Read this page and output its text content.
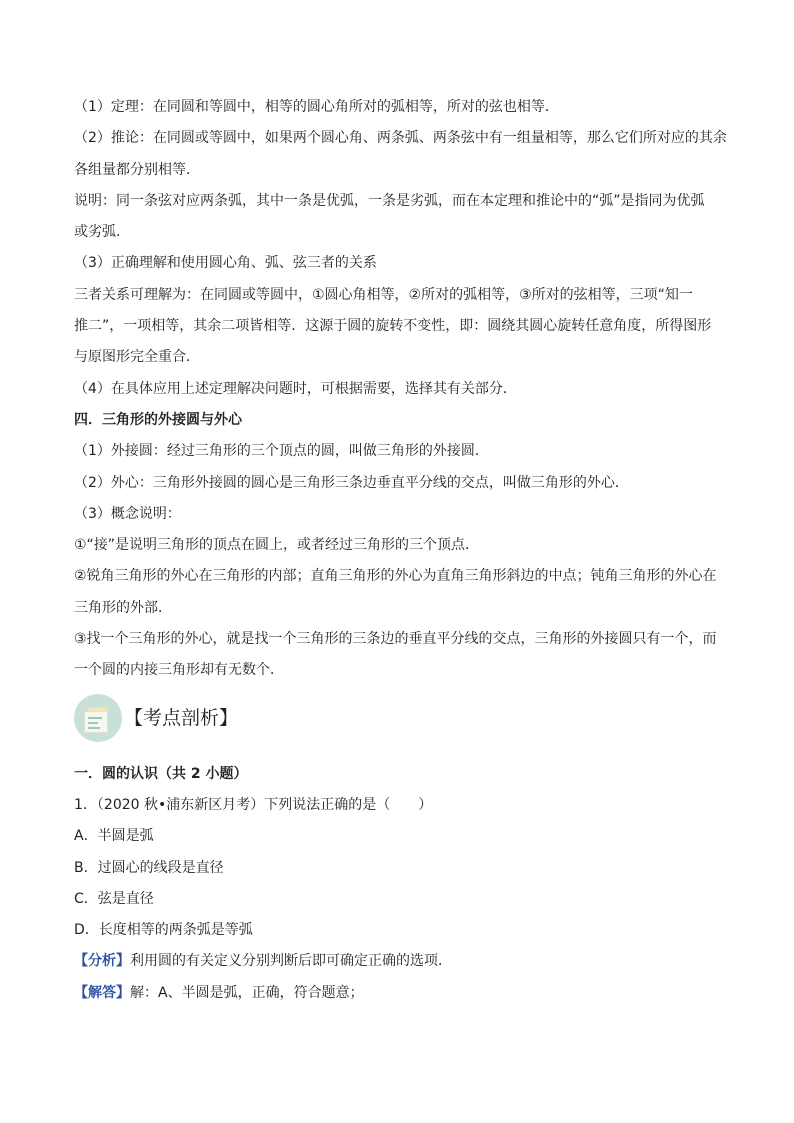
（1）定理：在同圆和等圆中，相等的圆心角所对的弧相等，所对的弦也相等．

（2）推论：在同圆或等圆中，如果两个圆心角、两条弧、两条弦中有一组量相等，那么它们所对应的其余

各组量都分别相等．

说明：同一条弦对应两条弧，其中一条是优弧，一条是劣弧，而在本定理和推论中的“弧”是指同为优弧

或劣弧．

（3）正确理解和使用圆心角、弧、弦三者的关系

三者关系可理解为：在同圆或等圆中，①圆心角相等，②所对的弧相等，③所对的弦相等，三项“知一

推二”，一项相等，其余二项皆相等．这源于圆的旋转不变性，即：圆绕其圆心旋转任意角度，所得图形

与原图形完全重合．

（4）在具体应用上述定理解决问题时，可根据需要，选择其有关部分．

四．三角形的外接圆与外心

（1）外接圆：经过三角形的三个顶点的圆，叫做三角形的外接圆．

（2）外心：三角形外接圆的圆心是三角形三条边垂直平分线的交点，叫做三角形的外心．

（3）概念说明：

①“接”是说明三角形的顶点在圆上，或者经过三角形的三个顶点．

②锐角三角形的外心在三角形的内部；直角三角形的外心为直角三角形斜边的中点；钝角三角形的外心在

三角形的外部．

③找一个三角形的外心，就是找一个三角形的三条边的垂直平分线的交点，三角形的外接圆只有一个，而

一个圆的内接三角形却有无数个．

【考点剖析】

一．圆的认识（共 2 小题）

1．（2020 秋•浦东新区月考）下列说法正确的是（　　）

A．半圆是弧

B．过圆心的线段是直径

C．弦是直径

D．长度相等的两条弧是等弧

【分析】利用圆的有关定义分别判断后即可确定正确的选项．

【解答】解：A、半圆是弧，正确，符合题意；
